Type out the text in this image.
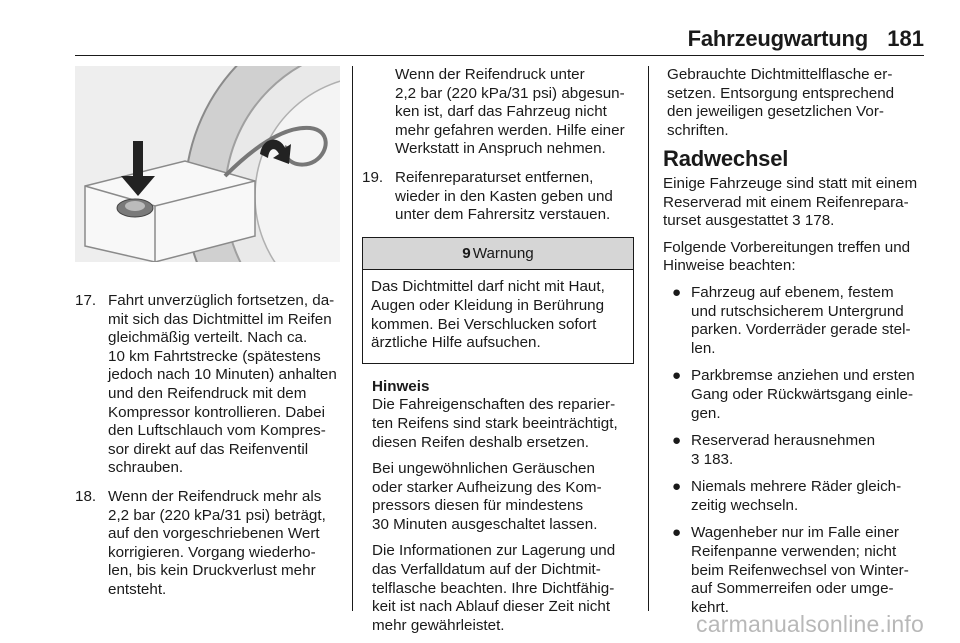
Fahrzeugwartung 181
17. Fahrt unverzüglich fortsetzen, da-
mit sich das Dichtmittel im Reifen
gleichmäßig verteilt. Nach ca.
10 km Fahrtstrecke (spätestens
jedoch nach 10 Minuten) anhalten
und den Reifendruck mit dem
Kompressor kontrollieren. Dabei
den Luftschlauch vom Kompres-
sor direkt auf das Reifenventil
schrauben.
18. Wenn der Reifendruck mehr als
2,2 bar (220 kPa/31 psi) beträgt,
auf den vorgeschriebenen Wert
korrigieren. Vorgang wiederho-
len, bis kein Druckverlust mehr
entsteht.
Wenn der Reifendruck unter
2,2 bar (220 kPa/31 psi) abgesun-
ken ist, darf das Fahrzeug nicht
mehr gefahren werden. Hilfe einer
Werkstatt in Anspruch nehmen.
19. Reifenreparaturset entfernen,
wieder in den Kasten geben und
unter dem Fahrersitz verstauen.
9 Warnung
Das Dichtmittel darf nicht mit Haut,
Augen oder Kleidung in Berührung
kommen. Bei Verschlucken sofort
ärztliche Hilfe aufsuchen.
Hinweis

Die Fahreigenschaften des reparier-
ten Reifens sind stark beeinträchtigt,
diesen Reifen deshalb ersetzen.

Bei ungewöhnlichen Geräuschen
oder starker Aufheizung des Kom-
pressors diesen für mindestens
30 Minuten ausgeschaltet lassen.

Die Informationen zur Lagerung und
das Verfalldatum auf der Dichtmit-
telflasche beachten. Ihre Dichtfähig-
keit ist nach Ablauf dieser Zeit nicht
mehr gewährleistet.

Gebrauchte Dichtmittelflasche er-
setzen. Entsorgung entsprechend
den jeweiligen gesetzlichen Vor-
schriften.

Radwechsel

Einige Fahrzeuge sind statt mit einem
Reserverad mit einem Reifenrepara-
turset ausgestattet 3 178.

Folgende Vorbereitungen treffen und
Hinweise beachten:

● Fahrzeug auf ebenem, festem
und rutschsicherem Untergrund
parken. Vorderräder gerade stel-
len.
● Parkbremse anziehen und ersten
Gang oder Rückwärtsgang einle-
gen.
● Reserverad herausnehmen
3 183.
● Niemals mehrere Räder gleich-
zeitig wechseln.
● Wagenheber nur im Falle einer
Reifenpanne verwenden; nicht
beim Reifenwechsel von Winter-
auf Sommerreifen oder umge-
kehrt.
carmanualsonline.info
